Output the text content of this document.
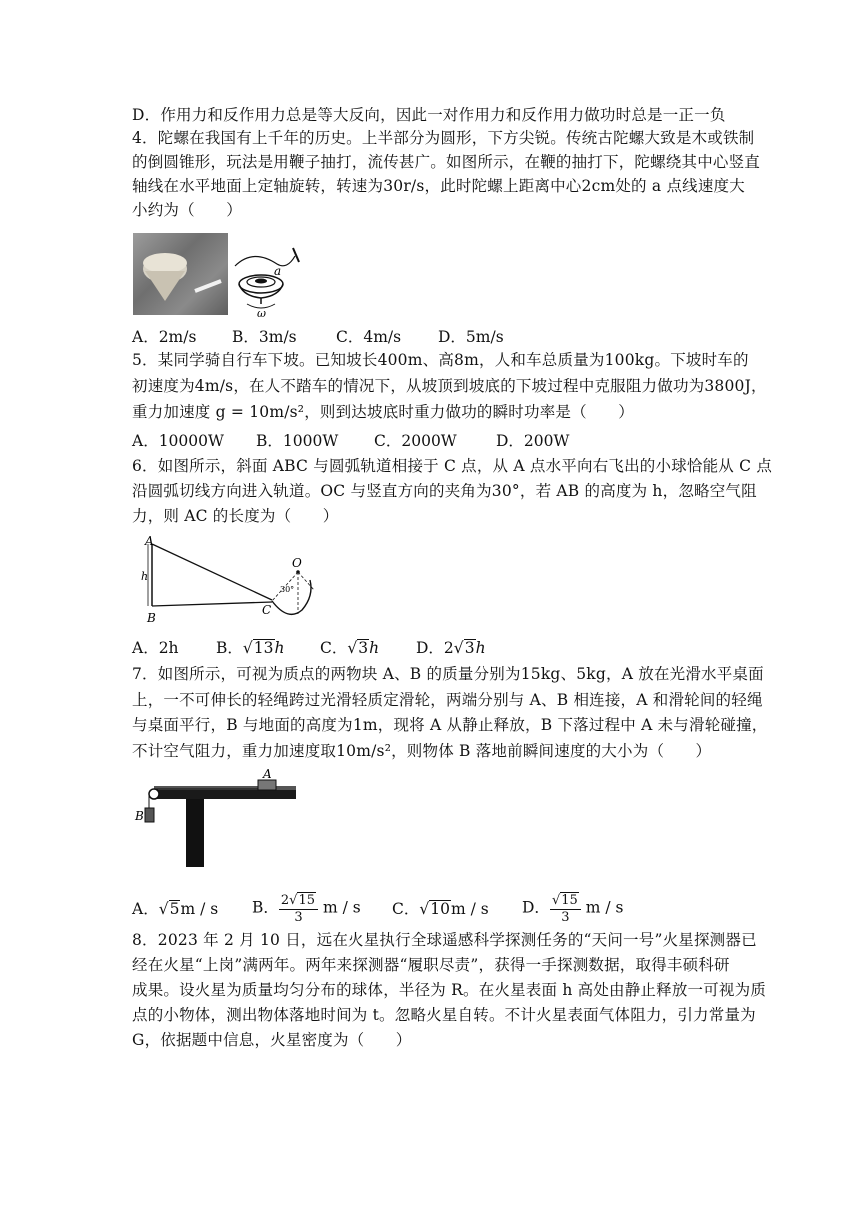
D．作用力和反作用力总是等大反向，因此一对作用力和反作用力做功时总是一正一负
4．陀螺在我国有上千年的历史。上半部分为圆形，下方尖锐。传统古陀螺大致是木或铁制
的倒圆锥形，玩法是用鞭子抽打，流传甚广。如图所示，在鞭的抽打下，陀螺绕其中心竖直
轴线在水平地面上定轴旋转，转速为30r/s，此时陀螺上距离中心2cm处的 a 点线速度大
小约为（　　）
a
ω
A．2m/s B．3m/s	C．4m/s D．5m/s
5．某同学骑自行车下坡。已知坡长400m、高8m，人和车总质量为100kg。下坡时车的
初速度为4m/s，在人不踏车的情况下，从坡顶到坡底的下坡过程中克服阻力做功为3800J，
重力加速度 g = 10m/s²，则到达坡底时重力做功的瞬时功率是（　　）
A．10000W B．1000W C．2000W	D．200W
6．如图所示，斜面 ABC 与圆弧轨道相接于 C 点，从 A 点水平向右飞出的小球恰能从 C 点
沿圆弧切线方向进入轨道。OC 与竖直方向的夹角为30°，若 AB 的高度为 h，忽略空气阻
力，则 AC 的长度为（　　）
A
B
C
O
h
30°
A．2h B．√13h C．√3h D．2√3h
7．如图所示，可视为质点的两物块 A、B 的质量分别为15kg、5kg，A 放在光滑水平桌面
上，一不可伸长的轻绳跨过光滑轻质定滑轮，两端分别与 A、B 相连接，A 和滑轮间的轻绳
与桌面平行，B 与地面的高度为1m，现将 A 从静止释放，B 下落过程中 A 未与滑轮碰撞，
不计空气阻力，重力加速度取10m/s²，则物体 B 落地前瞬间速度的大小为（　　）
A
B
A．√5m / s B． $\frac{2√15}{3}$ m / s C．√10m / s D． $\frac{√15}{3}$ m / s
8．2023 年 2 月 10 日，远在火星执行全球遥感科学探测任务的“天问一号”火星探测器已
经在火星“上岗”满两年。两年来探测器“履职尽责”，获得一手探测数据，取得丰硕科研
成果。设火星为质量均匀分布的球体，半径为 R。在火星表面 h 高处由静止释放一可视为质
点的小物体，测出物体落地时间为 t。忽略火星自转。不计火星表面气体阻力，引力常量为
G，依据题中信息，火星密度为（　　）
